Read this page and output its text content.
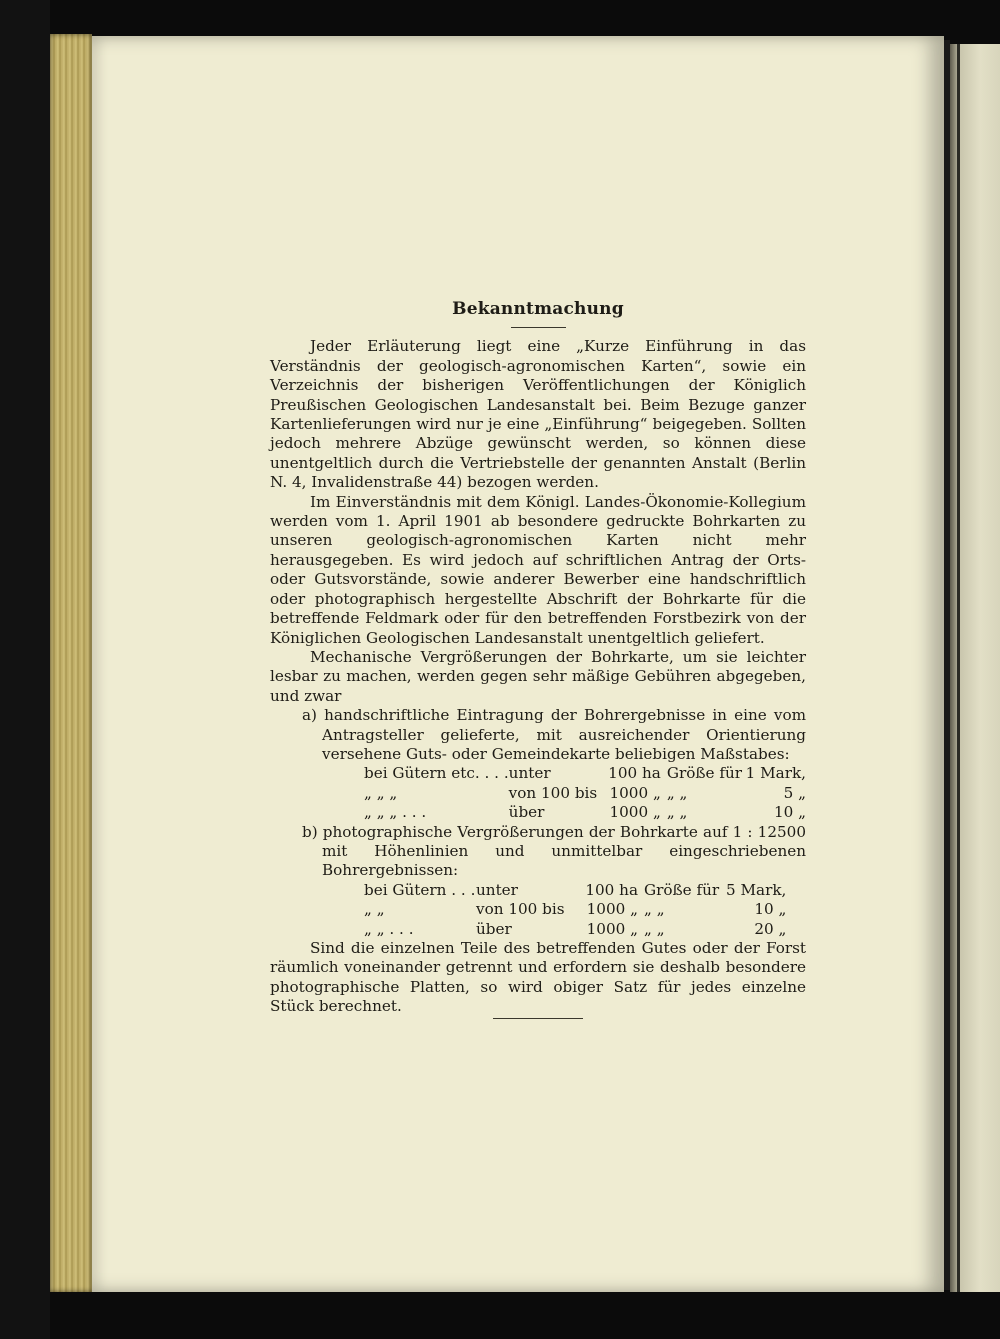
Bekanntmachung

Jeder Erläuterung liegt eine „Kurze Einführung in das Verständnis der geologisch-agronomischen Karten“, sowie ein Verzeichnis der bisherigen Veröffentlichungen der Königlich Preußischen Geologischen Landesanstalt bei. Beim Bezuge ganzer Kartenlieferungen wird nur je eine „Einführung“ beigegeben. Sollten jedoch mehrere Abzüge gewünscht werden, so können diese unentgeltlich durch die Vertriebstelle der genannten Anstalt (Berlin N. 4, Invalidenstraße 44) bezogen werden.

Im Einverständnis mit dem Königl. Landes-Ökonomie-Kollegium werden vom 1. April 1901 ab besondere gedruckte Bohrkarten zu unseren geologisch-agronomischen Karten nicht mehr herausgegeben. Es wird jedoch auf schriftlichen Antrag der Orts- oder Gutsvorstände, sowie anderer Bewerber eine handschriftlich oder photographisch hergestellte Abschrift der Bohrkarte für die betreffende Feldmark oder für den betreffenden Forstbezirk von der Königlichen Geologischen Landesanstalt unentgeltlich geliefert.

Mechanische Vergrößerungen der Bohrkarte, um sie leichter lesbar zu machen, werden gegen sehr mäßige Gebühren abgegeben, und zwar

a) handschriftliche Eintragung der Bohrergebnisse in eine vom Antragsteller gelieferte, mit ausreichender Orientierung versehene Guts- oder Gemeindekarte beliebigen Maßstabes:

bei Gütern etc. . . .	unter	100 ha	Größe für	1 Mark,
„ „ „	von 100 bis	1000 „	„ „	5 „
„ „ „ . . .	über	1000 „	„ „	10 „

b) photographische Vergrößerungen der Bohrkarte auf 1 : 12500 mit Höhenlinien und unmittelbar eingeschriebenen Bohrergebnissen:

bei Gütern . . .	unter	100 ha	Größe für	5 Mark,
„ „	von 100 bis	1000 „	„ „	10 „
„ „ . . .	über	1000 „	„ „	20 „

Sind die einzelnen Teile des betreffenden Gutes oder der Forst räumlich voneinander getrennt und erfordern sie deshalb besondere photographische Platten, so wird obiger Satz für jedes einzelne Stück berechnet.
